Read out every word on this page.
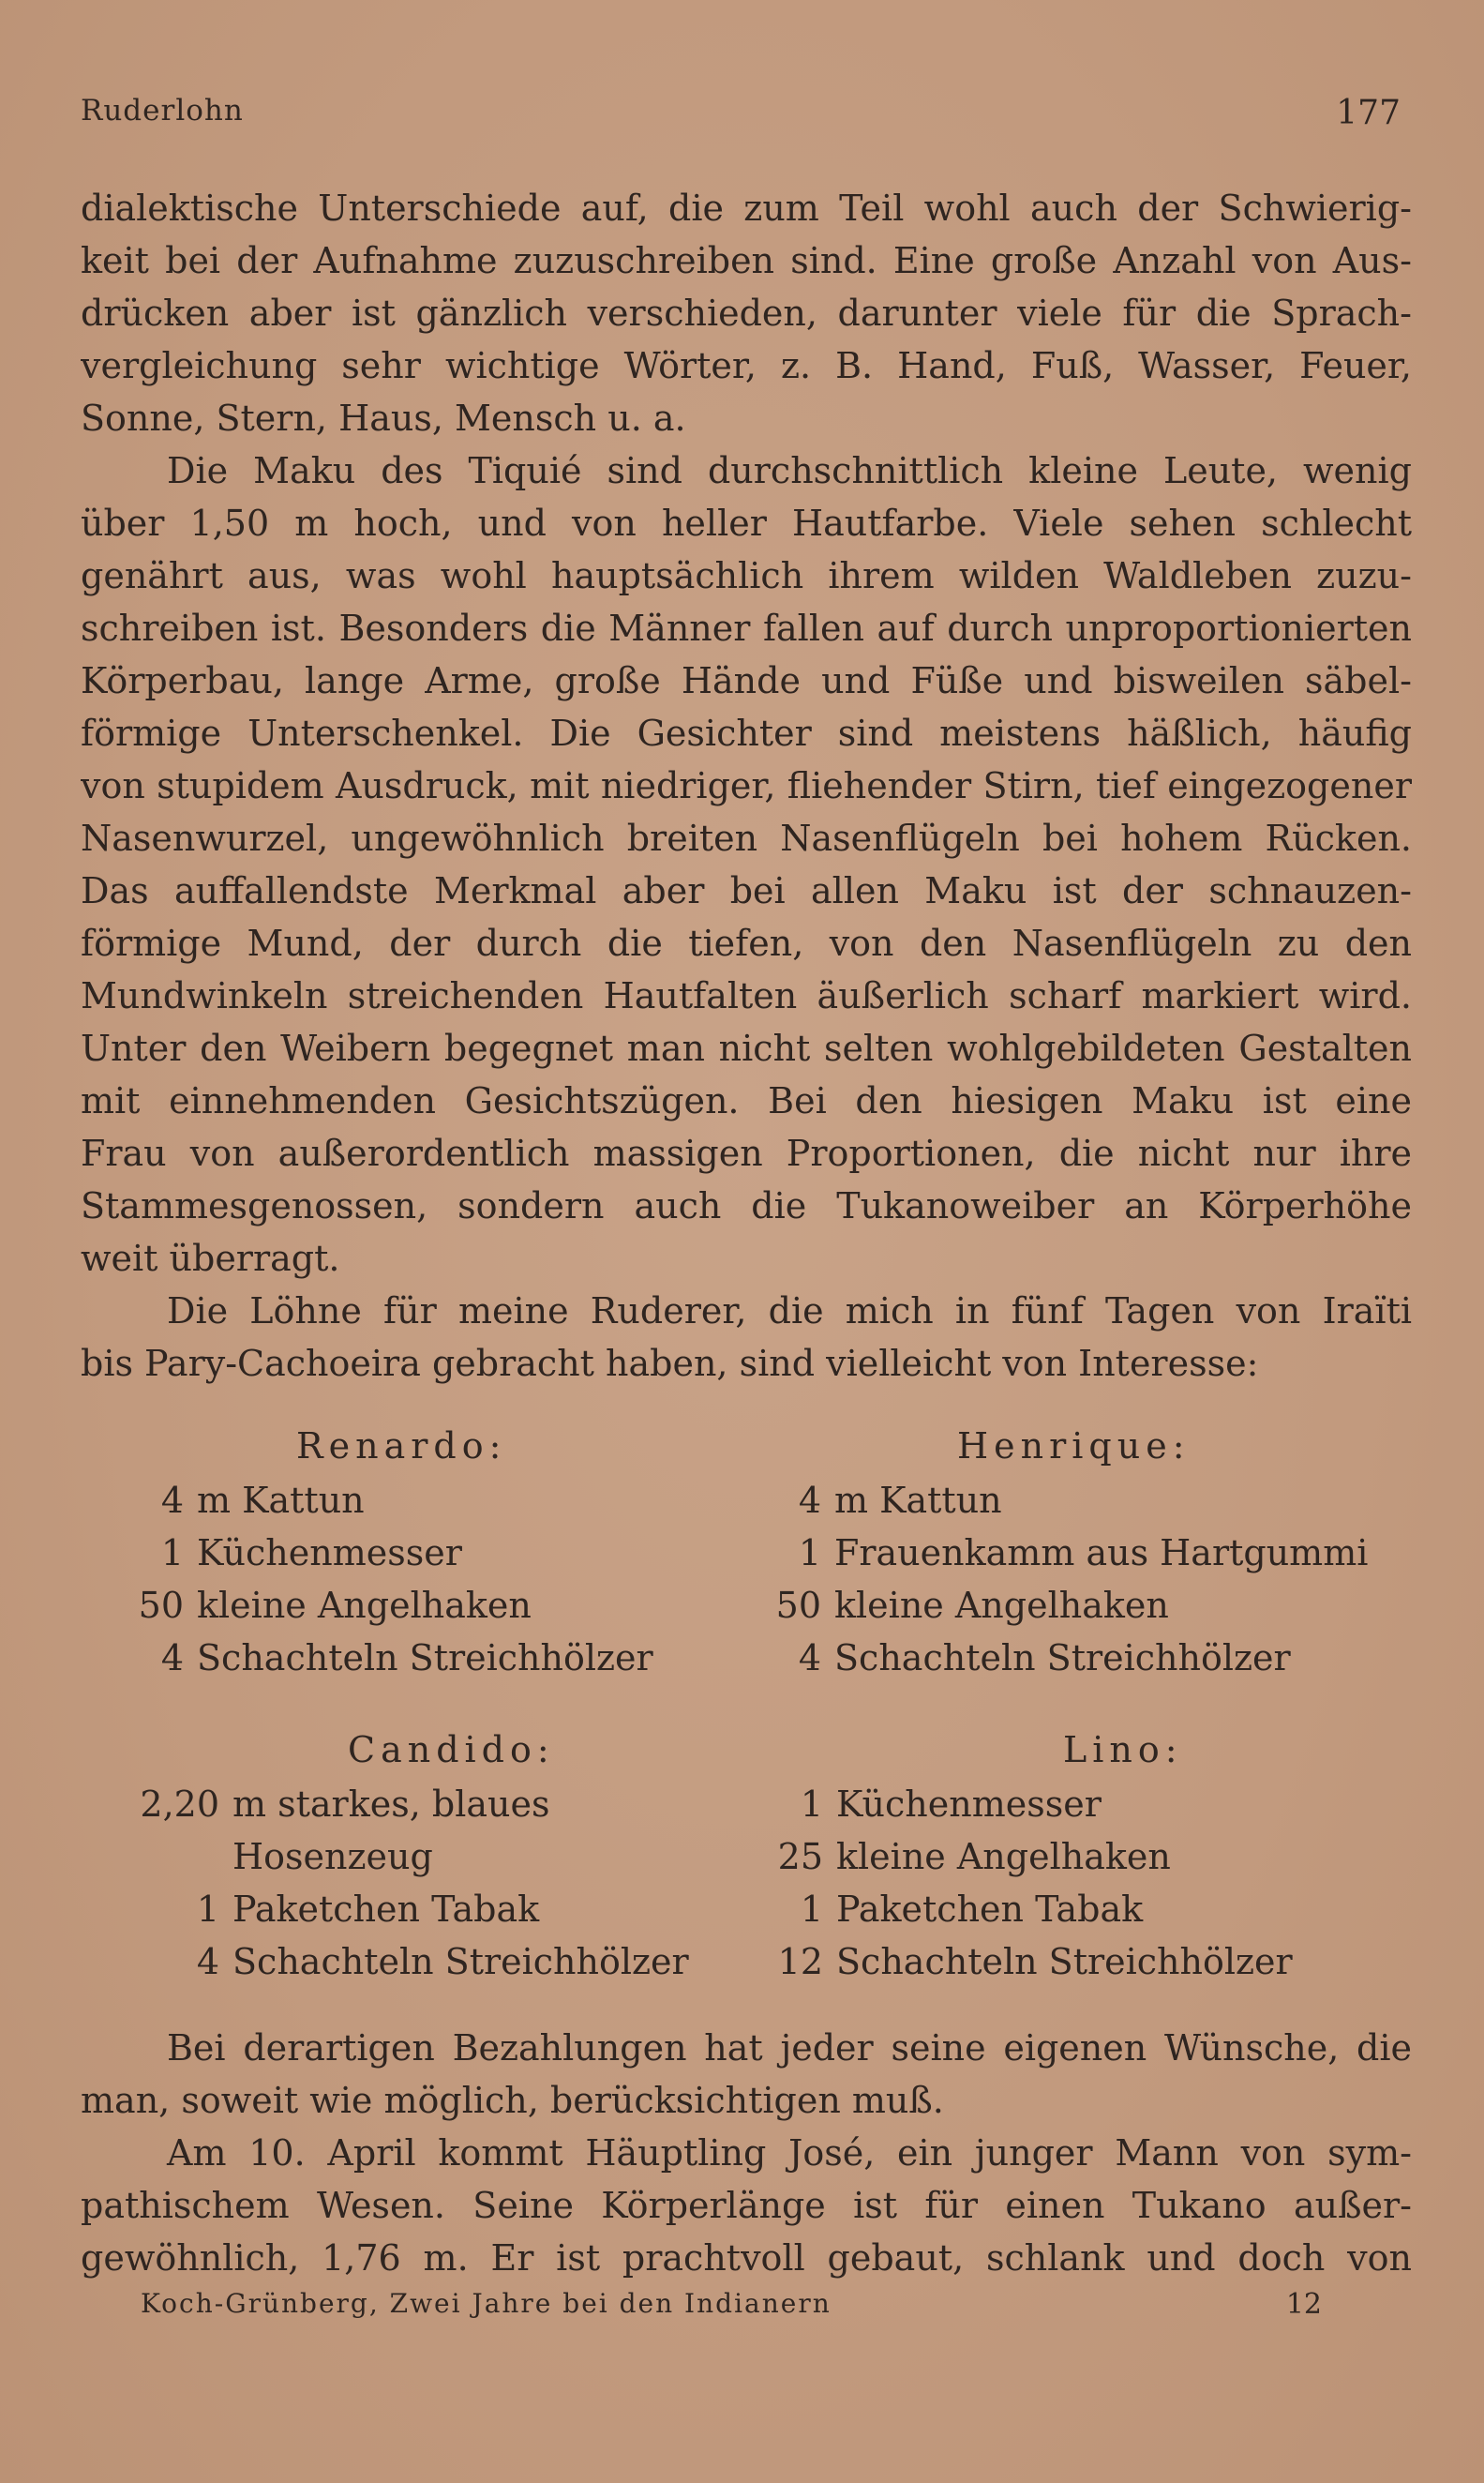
Ruderlohn	177
dialektische Unterschiede auf, die zum Teil wohl auch der Schwierig-
keit bei der Aufnahme zuzuschreiben sind. Eine große Anzahl von Aus-
drücken aber ist gänzlich verschieden, darunter viele für die Sprach-
vergleichung sehr wichtige Wörter, z. B. Hand, Fuß, Wasser, Feuer,
Sonne, Stern, Haus, Mensch u. a.
Die Maku des Tiquié sind durchschnittlich kleine Leute, wenig
über 1,50 m hoch, und von heller Hautfarbe. Viele sehen schlecht
genährt aus, was wohl hauptsächlich ihrem wilden Waldleben zuzu-
schreiben ist. Besonders die Männer fallen auf durch unproportionierten
Körperbau, lange Arme, große Hände und Füße und bisweilen säbel-
förmige Unterschenkel. Die Gesichter sind meistens häßlich, häufig
von stupidem Ausdruck, mit niedriger, fliehender Stirn, tief eingezogener
Nasenwurzel, ungewöhnlich breiten Nasenflügeln bei hohem Rücken.
Das auffallendste Merkmal aber bei allen Maku ist der schnauzen-
förmige Mund, der durch die tiefen, von den Nasenflügeln zu den
Mundwinkeln streichenden Hautfalten äußerlich scharf markiert wird.
Unter den Weibern begegnet man nicht selten wohlgebildeten Gestalten
mit einnehmenden Gesichtszügen. Bei den hiesigen Maku ist eine
Frau von außerordentlich massigen Proportionen, die nicht nur ihre
Stammesgenossen, sondern auch die Tukanoweiber an Körperhöhe
weit überragt.
Die Löhne für meine Ruderer, die mich in fünf Tagen von Iraïti
bis Pary-Cachoeira gebracht haben, sind vielleicht von Interesse:
Renardo:
4 m Kattun
1 Küchenmesser
50 kleine Angelhaken
4 Schachteln Streichhölzer
Henrique:
4 m Kattun
1 Frauenkamm aus Hartgummi
50 kleine Angelhaken
4 Schachteln Streichhölzer
Candido:
2,20 m starkes, blaues
Hosenzeug
1 Paketchen Tabak
4 Schachteln Streichhölzer
Lino:
1 Küchenmesser
25 kleine Angelhaken
1 Paketchen Tabak
12 Schachteln Streichhölzer
Bei derartigen Bezahlungen hat jeder seine eigenen Wünsche, die
man, soweit wie möglich, berücksichtigen muß.
Am 10. April kommt Häuptling José, ein junger Mann von sym-
pathischem Wesen. Seine Körperlänge ist für einen Tukano außer-
gewöhnlich, 1,76 m. Er ist prachtvoll gebaut, schlank und doch von
Koch-Grünberg, Zwei Jahre bei den Indianern	12
